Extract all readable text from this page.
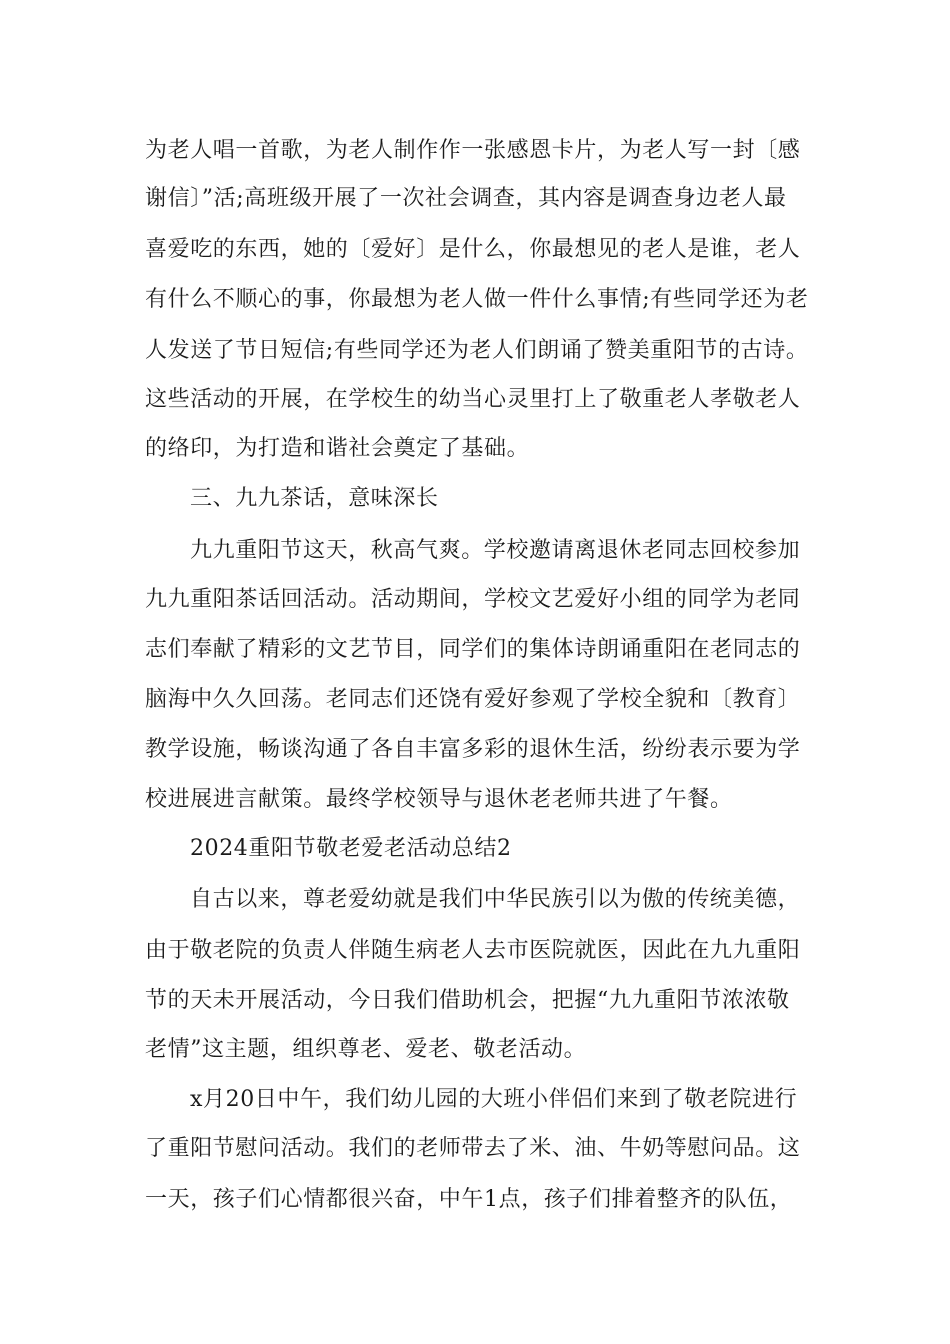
为老人唱一首歌，为老人制作作一张感恩卡片，为老人写一封〔感
谢信〕”活;高班级开展了一次社会调查，其内容是调查身边老人最
喜爱吃的东西，她的〔爱好〕是什么，你最想见的老人是谁，老人
有什么不顺心的事，你最想为老人做一件什么事情;有些同学还为老
人发送了节日短信;有些同学还为老人们朗诵了赞美重阳节的古诗。
这些活动的开展，在学校生的幼当心灵里打上了敬重老人孝敬老人
的络印，为打造和谐社会奠定了基础。
三、九九茶话，意味深长
九九重阳节这天，秋高气爽。学校邀请离退休老同志回校参加
九九重阳茶话回活动。活动期间，学校文艺爱好小组的同学为老同
志们奉献了精彩的文艺节目，同学们的集体诗朗诵重阳在老同志的
脑海中久久回荡。老同志们还饶有爱好参观了学校全貌和〔教育〕
教学设施，畅谈沟通了各自丰富多彩的退休生活，纷纷表示要为学
校进展进言献策。最终学校领导与退休老老师共进了午餐。
2024重阳节敬老爱老活动总结2
自古以来，尊老爱幼就是我们中华民族引以为傲的传统美德，
由于敬老院的负责人伴随生病老人去市医院就医，因此在九九重阳
节的天未开展活动，今日我们借助机会，把握“九九重阳节浓浓敬
老情”这主题，组织尊老、爱老、敬老活动。
x月20日中午，我们幼儿园的大班小伴侣们来到了敬老院进行
了重阳节慰问活动。我们的老师带去了米、油、牛奶等慰问品。这
一天，孩子们心情都很兴奋，中午1点，孩子们排着整齐的队伍，
